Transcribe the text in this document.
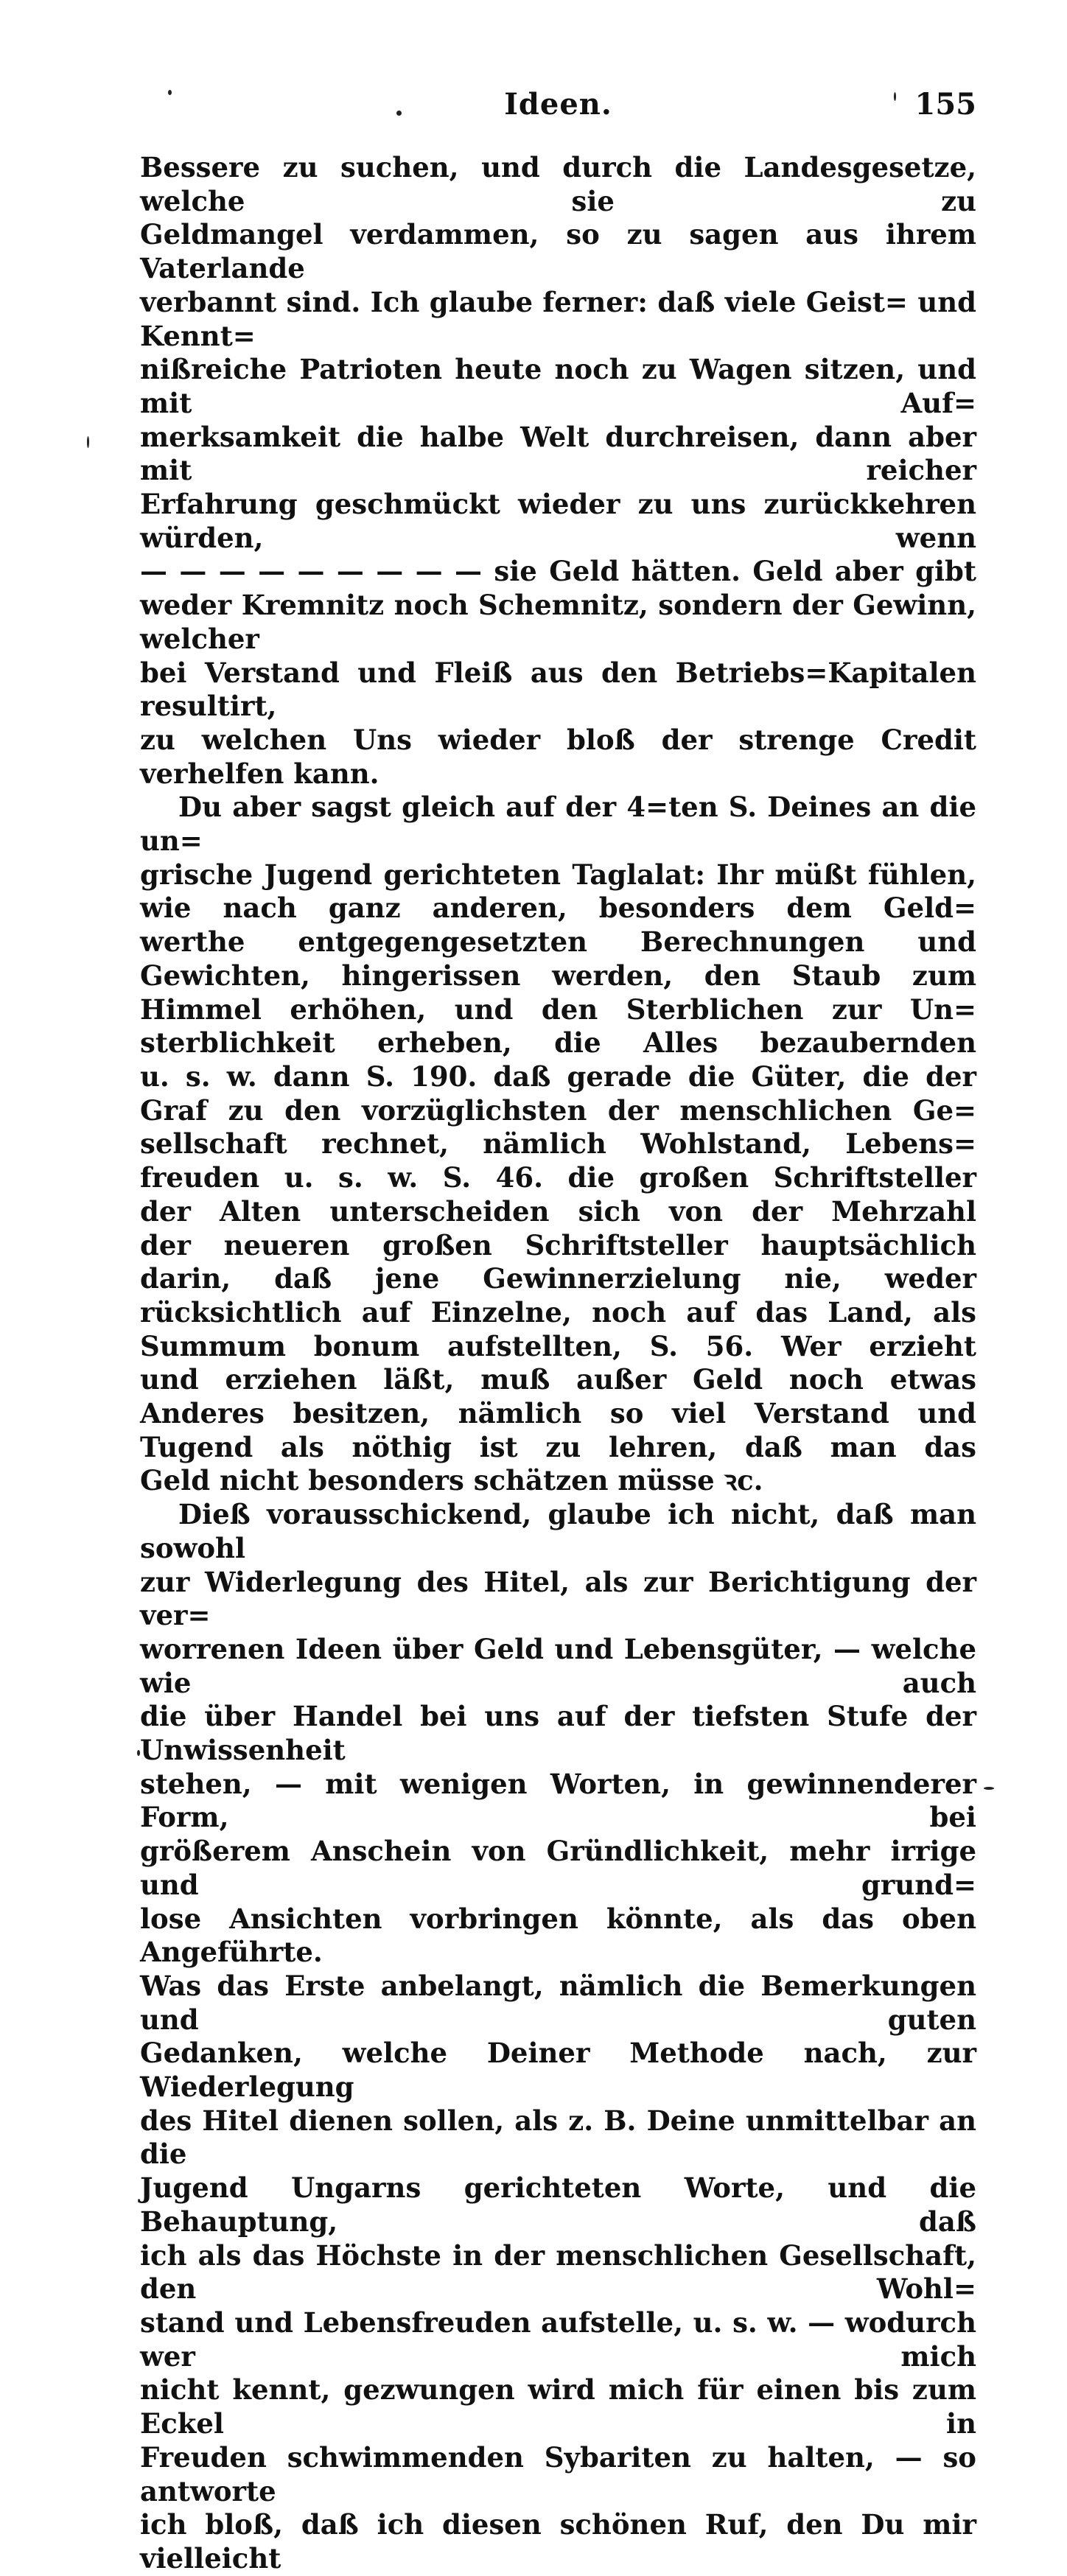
Ideen.	155

Bessere zu suchen, und durch die Landesgesetze, welche sie zu

Geldmangel verdammen, so zu sagen aus ihrem Vaterlande

verbannt sind. Ich glaube ferner: daß viele Geist= und Kennt=

nißreiche Patrioten heute noch zu Wagen sitzen, und mit Auf=

merksamkeit die halbe Welt durchreisen, dann aber mit reicher

Erfahrung geschmückt wieder zu uns zurückkehren würden, wenn

— — — — — — — — — sie Geld hätten. Geld aber gibt

weder Kremnitz noch Schemnitz, sondern der Gewinn, welcher

bei Verstand und Fleiß aus den Betriebs=Kapitalen resultirt,

zu welchen Uns wieder bloß der strenge Credit verhelfen kann.

Du aber sagst gleich auf der 4=ten S. Deines an die un=

grische Jugend gerichteten Taglalat: Ihr müßt fühlen,

wie nach ganz anderen, besonders dem Geld=

werthe entgegengesetzten Berechnungen und

Gewichten, hingerissen werden, den Staub zum

Himmel erhöhen, und den Sterblichen zur Un=

sterblichkeit erheben, die Alles bezaubernden

u. s. w. dann S. 190. daß gerade die Güter, die der

Graf zu den vorzüglichsten der menschlichen Ge=

sellschaft rechnet, nämlich Wohlstand, Lebens=

freuden u. s. w. S. 46. die großen Schriftsteller

der Alten unterscheiden sich von der Mehrzahl

der neueren großen Schriftsteller hauptsächlich

darin, daß jene Gewinnerzielung nie, weder

rücksichtlich auf Einzelne, noch auf das Land, als

Summum bonum aufstellten, S. 56. Wer erzieht

und erziehen läßt, muß außer Geld noch etwas

Anderes besitzen, nämlich so viel Verstand und

Tugend als nöthig ist zu lehren, daß man das

Geld nicht besonders schätzen müsse ꝛc.

Dieß vorausschickend, glaube ich nicht, daß man sowohl

zur Widerlegung des Hitel, als zur Berichtigung der ver=

worrenen Ideen über Geld und Lebensgüter, — welche wie auch

die über Handel bei uns auf der tiefsten Stufe der Unwissenheit

stehen, — mit wenigen Worten, in gewinnenderer Form, bei

größerem Anschein von Gründlichkeit, mehr irrige und grund=

lose Ansichten vorbringen könnte, als das oben Angeführte.

Was das Erste anbelangt, nämlich die Bemerkungen und guten

Gedanken, welche Deiner Methode nach, zur Wiederlegung

des Hitel dienen sollen, als z. B. Deine unmittelbar an die

Jugend Ungarns gerichteten Worte, und die Behauptung, daß

ich als das Höchste in der menschlichen Gesellschaft, den Wohl=

stand und Lebensfreuden aufstelle, u. s. w. — wodurch wer mich

nicht kennt, gezwungen wird mich für einen bis zum Eckel in

Freuden schwimmenden Sybariten zu halten, — so antworte

ich bloß, daß ich diesen schönen Ruf, den Du mir vielleicht
